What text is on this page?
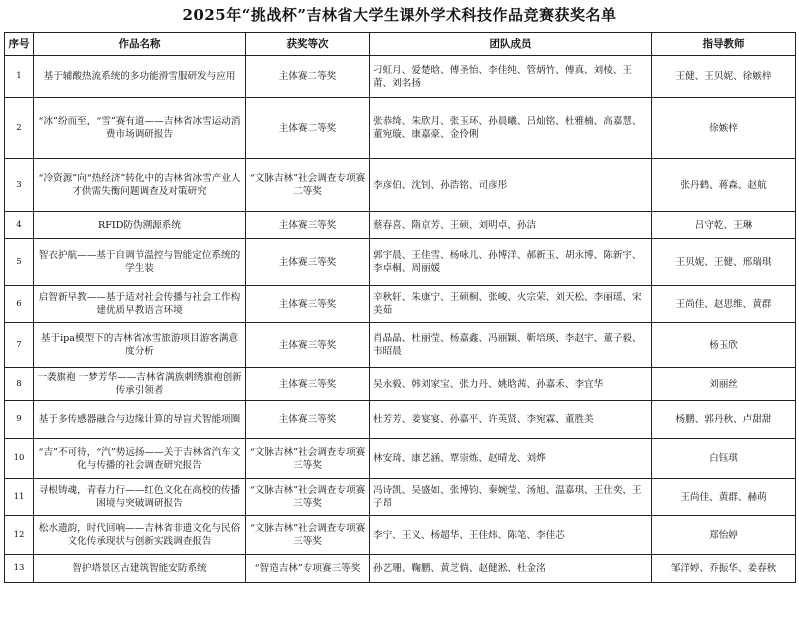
2025年“挑战杯”吉林省大学生课外学术科技作品竞赛获奖名单
序号	作品名称	获奖等次	团队成员	指导教师
1	基于辅酸热流系统的多功能滑雪服研发与应用	主体赛二等奖	刁虹月、爱楚晗、傅圣怡、李佳纯、管炳竹、傅真、刘棱、王莆、刘名扬	王健、王贝妮、徐嫉梓
2	“冰”纷而至，“雪”赛有道——吉林省冰雪运动消费市场调研报告	主体赛二等奖	张恭绮、朱欣月、张玉环、孙晨曦、吕灿铭、杜雅楠、高嘉慧、董宛璇、康嘉豪、金伶俐	徐嫉梓
3	“冷资源”向“热经济”转化中的吉林省冰雪产业人才供需失衡问题调查及对策研究	“文脉吉林”社会调查专项赛二等奖	李彦伯、沈钊、孙浩铭、司彦彤	张丹鹤、蒋森、赵航
4	RFID防伪溯源系统	主体赛三等奖	蔡春喜、隋京芳、王硕、刘明卓、孙洁	吕守乾、王琳
5	智衣护航——基于自调节温控与智能定位系统的学生装	主体赛三等奖	郭宇晨、王佳雪、杨咏儿、孙博洋、郝新玉、胡永博、陈新宇、李卓桐、周丽媛	王贝妮、王健、邢瑞琪
6	启智新早教——基于适对社会传播与社会工作构建优质早教语言环境	主体赛三等奖	辛秋轩、朱康宁、王硕桐、张峻、火宗荣、刘天松、李丽瑶、宋美茹	王尚佳、赵思维、黄群
7	基于ipa模型下的吉林省冰雪旅游项目游客满意度分析	主体赛三等奖	肖晶晶、杜丽莹、杨嘉鑫、冯丽颖、靳培瑛、李赵宇、董子毅、韦昭晨	杨玉欣
8	一袭旗袍 一梦芳华——吉林省满族刺绣旗袍创新传承引领者	主体赛三等奖	吴永毅、韩刘家宝、张力丹、姚晗茜、孙嘉禾、李宜华	刘丽丝
9	基于多传感器融合与边缘计算的导盲犬智能项圈	主体赛三等奖	杜芳芳、姜宴宴、孙嘉平、许英贤、李宛霖、董胜美	杨鹏、郭丹秋、卢甜甜
10	“吉”不可待，“汽”势远扬——关于吉林省汽车文化与传播的社会调查研究报告	“文脉吉林”社会调查专项赛三等奖	林安琦、康艺涵、覃崇炼、赵晴龙、刘烨	白钰琪
11	寻根铸魂，青春力行——红色文化在高校的传播困境与突破调研报告	“文脉吉林”社会调查专项赛三等奖	冯诗凯、吴盛如、张博钧、秦婉莹、汤旭、温嘉琪、王仕奕、王子昂	王尚佳、黄群、赫萌
12	松水遗韵，时代回响——吉林省非遗文化与民俗文化传承现状与创新实践调查报告	“文脉吉林”社会调查专项赛三等奖	李宁、王义、杨超华、王佳炜、陈笔、李佳芯	郑怡婷
13	智护塔景区古建筑智能安防系统	“智造吉林”专项赛三等奖	孙艺珊、鞠鹏、黄芝倘、赵健淞、杜金洺	邹洋婷、乔振华、姜春秋
